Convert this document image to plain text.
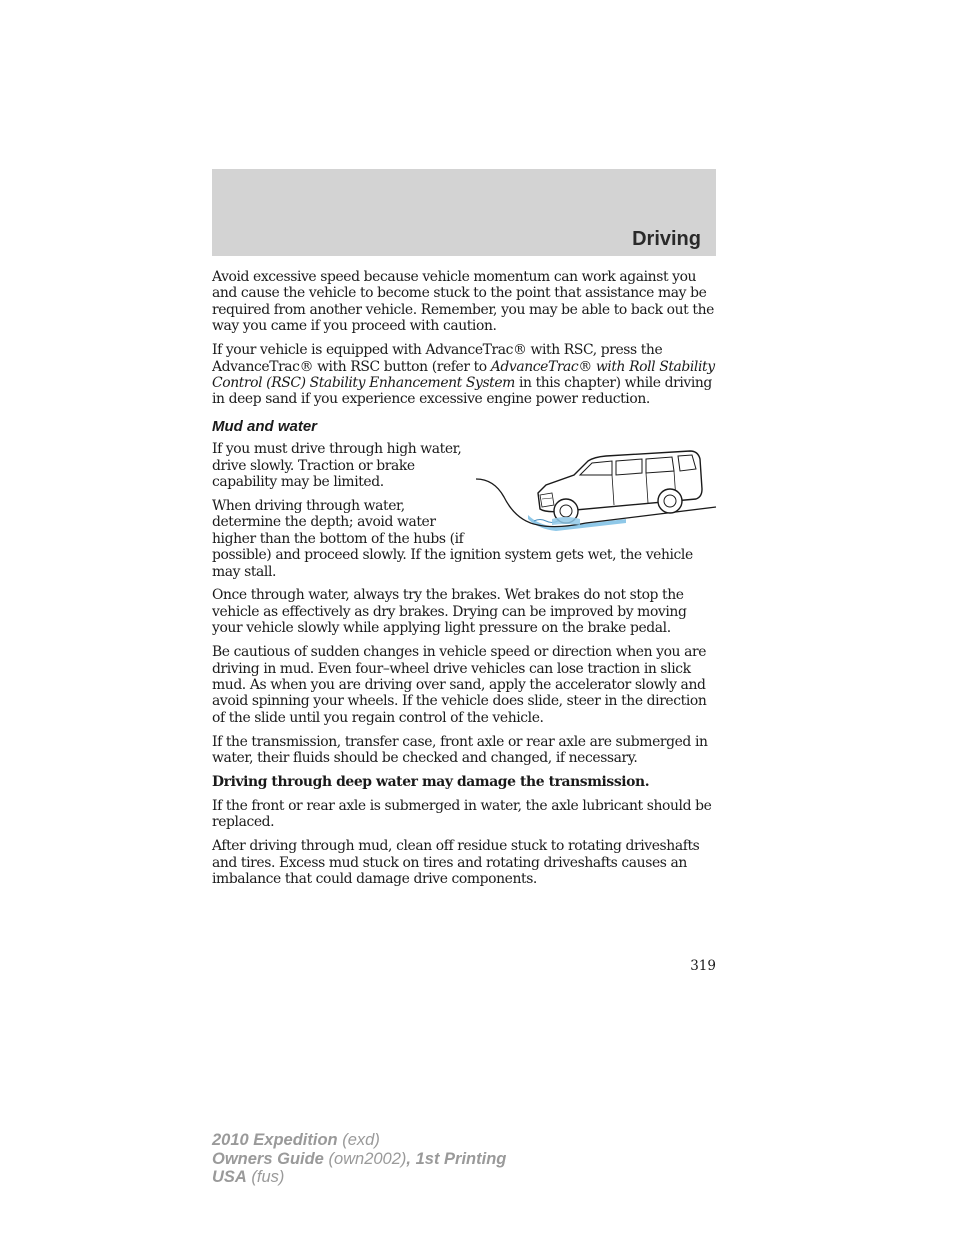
Driving

Avoid excessive speed because vehicle momentum can work against you and cause the vehicle to become stuck to the point that assistance may be required from another vehicle. Remember, you may be able to back out the way you came if you proceed with caution.

If your vehicle is equipped with AdvanceTrac® with RSC, press the AdvanceTrac® with RSC button (refer to AdvanceTrac® with Roll Stability Control (RSC) Stability Enhancement System in this chapter) while driving in deep sand if you experience excessive engine power reduction.

Mud and water

If you must drive through high water, drive slowly. Traction or brake capability may be limited.

When driving through water, determine the depth; avoid water higher than the bottom of the hubs (if possible) and proceed slowly. If the ignition system gets wet, the vehicle may stall.

Once through water, always try the brakes. Wet brakes do not stop the vehicle as effectively as dry brakes. Drying can be improved by moving your vehicle slowly while applying light pressure on the brake pedal.

Be cautious of sudden changes in vehicle speed or direction when you are driving in mud. Even four–wheel drive vehicles can lose traction in slick mud. As when you are driving over sand, apply the accelerator slowly and avoid spinning your wheels. If the vehicle does slide, steer in the direction of the slide until you regain control of the vehicle.

If the transmission, transfer case, front axle or rear axle are submerged in water, their fluids should be checked and changed, if necessary.

Driving through deep water may damage the transmission.

If the front or rear axle is submerged in water, the axle lubricant should be replaced.

After driving through mud, clean off residue stuck to rotating driveshafts and tires. Excess mud stuck on tires and rotating driveshafts causes an imbalance that could damage drive components.

319
2010 Expedition (exd)
Owners Guide (own2002), 1st Printing
USA (fus)
